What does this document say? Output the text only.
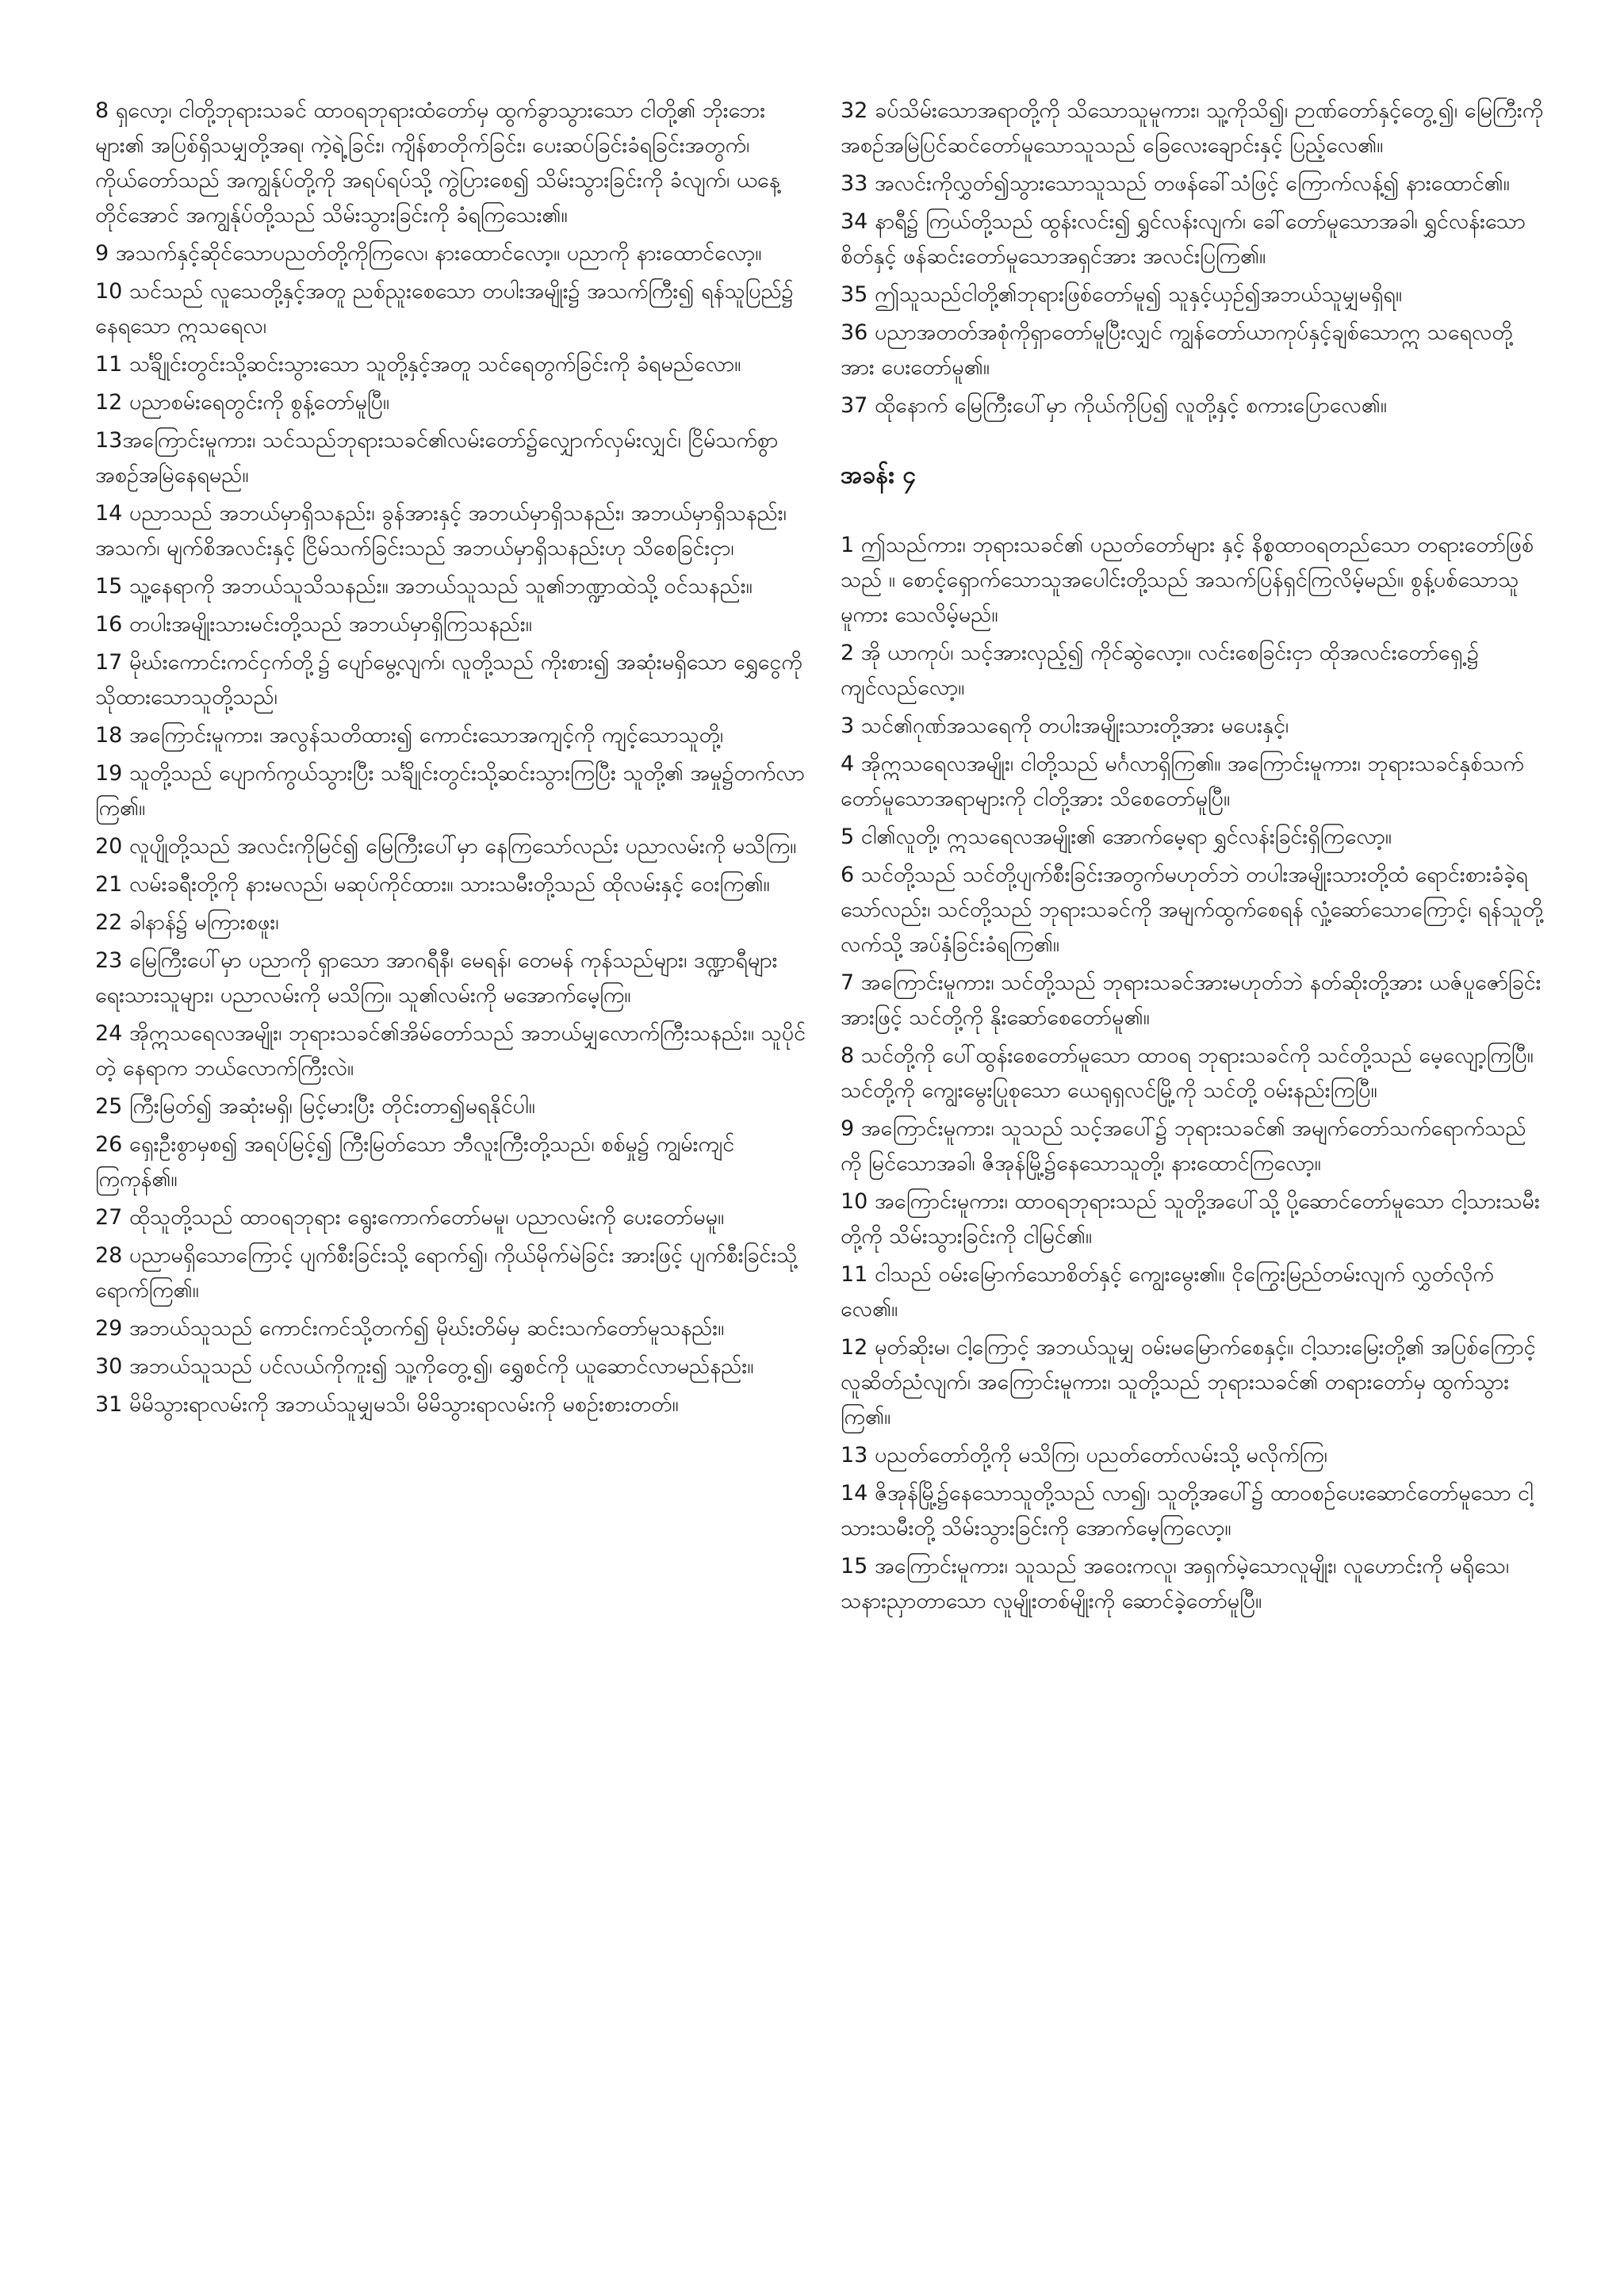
8 ရှလော့၊ ငါတို့ဘုရားသခင် ထာဝရဘုရားထံတော်မှ ထွက်ခွာသွားသော ငါတို့၏ ဘိုးဘေးများ၏ အပြစ်ရှိသမျှတို့အရ၊ ကဲ့ရဲ့ခြင်း၊ ကျိန်စာတိုက်ခြင်း၊ ပေးဆပ်ခြင်းခံရခြင်းအတွက်၊ ကိုယ်တော်သည် အကျွန်ုပ်တို့ကို အရပ်ရပ်သို့ ကွဲပြားစေ၍ သိမ်းသွားခြင်းကို ခံလျက်၊ ယနေ့တိုင်အောင် အကျွန်ုပ်တို့သည် သိမ်းသွားခြင်းကို ခံရကြသေး၏။

9 အသက်နှင့်ဆိုင်သောပညတ်တို့ကိုကြလေ၊ နားထောင်လော့။ ပညာကို နားထောင်လော့။

10 သင်သည် လူသေတို့နှင့်အတူ ညစ်ညူးစေသော တပါးအမျိုး၌ အသက်ကြီး၍ ရန်သူပြည်၌ နေရသော ဣသရေလ၊

11 သင်္ချိုင်းတွင်းသို့ဆင်းသွားသော သူတို့နှင့်အတူ သင်ရေတွက်ခြင်းကို ခံရမည်လော။

12 ပညာစမ်းရေတွင်းကို စွန့်တော်မူပြီ။

13အကြောင်းမူကား၊ သင်သည်ဘုရားသခင်၏လမ်းတော်၌လျှောက်လှမ်းလျှင်၊ ငြိမ်သက်စွာအစဉ်အမြဲနေရမည်။

14 ပညာသည် အဘယ်မှာရှိသနည်း၊ ခွန်အားနှင့် အဘယ်မှာရှိသနည်း၊ အဘယ်မှာရှိသနည်း၊ အသက်၊ မျက်စိအလင်းနှင့် ငြိမ်သက်ခြင်းသည် အဘယ်မှာရှိသနည်းဟု သိစေခြင်းငှာ၊

15 သူ့နေရာကို အဘယ်သူသိသနည်း။ အဘယ်သူသည် သူ၏ဘဏ္ဍာထဲသို့ ဝင်သနည်း။

16 တပါးအမျိုးသားမင်းတို့သည် အဘယ်မှာရှိကြသနည်း။

17 မိုဃ်းကောင်းကင်ငှက်တို့၌ ပျော်မွေ့လျက်၊ လူတို့သည် ကိုးစား၍ အဆုံးမရှိသော ရွှေငွေကို သိုထားသောသူတို့သည်၊

18 အကြောင်းမူကား၊ အလွန်သတိထား၍ ကောင်းသောအကျင့်ကို ကျင့်သောသူတို့၊

19 သူတို့သည် ပျောက်ကွယ်သွားပြီး သင်္ချိုင်းတွင်းသို့ဆင်းသွားကြပြီး သူတို့၏ အမှု၌တက်လာကြ၏။

20 လူပျိုတို့သည် အလင်းကိုမြင်၍ မြေကြီးပေါ်မှာ နေကြသော်လည်း ပညာလမ်းကို မသိကြ။

21 လမ်းခရီးတို့ကို နားမလည်၊ မဆုပ်ကိုင်ထား။ သားသမီးတို့သည် ထိုလမ်းနှင့် ဝေးကြ၏။

22 ခါနာန်၌ မကြားစဖူး၊

23 မြေကြီးပေါ်မှာ ပညာကို ရှာသော အာဂရီနီ၊ မေရန်၊ တေမန် ကုန်သည်များ၊ ဒဏ္ဍာရီများ ရေးသားသူများ၊ ပညာလမ်းကို မသိကြ။ သူ၏လမ်းကို မအောက်မေ့ကြ။

24 အိုဣသရေလအမျိုး၊ ဘုရားသခင်၏အိမ်တော်သည် အဘယ်မျှလောက်ကြီးသနည်း။ သူပိုင်တဲ့ နေရာက ဘယ်လောက်ကြီးလဲ။

25 ကြီးမြတ်၍ အဆုံးမရှိ၊ မြင့်မားပြီး တိုင်းတာ၍မရနိုင်ပါ။

26 ရှေးဦးစွာမှစ၍ အရပ်မြင့်၍ ကြီးမြတ်သော ဘီလူးကြီးတို့သည်၊ စစ်မှု၌ ကျွမ်းကျင်ကြကုန်၏။

27 ထိုသူတို့သည် ထာဝရဘုရား ရွေးကောက်တော်မမူ၊ ပညာလမ်းကို ပေးတော်မမူ။

28 ပညာမရှိသောကြောင့် ပျက်စီးခြင်းသို့ ရောက်၍၊ ကိုယ်မိုက်မဲခြင်း အားဖြင့် ပျက်စီးခြင်းသို့ ရောက်ကြ၏။

29 အဘယ်သူသည် ကောင်းကင်သို့တက်၍ မိုဃ်းတိမ်မှ ဆင်းသက်တော်မူသနည်း။

30 အဘယ်သူသည် ပင်လယ်ကိုကူး၍ သူ့ကိုတွေ့၍၊ ရွှေစင်ကို ယူဆောင်လာမည်နည်း။

31 မိမိသွားရာလမ်းကို အဘယ်သူမျှမသိ၊ မိမိသွားရာလမ်းကို မစဉ်းစားတတ်။

32 ခပ်သိမ်းသောအရာတို့ကို သိသောသူမူကား၊ သူ့ကိုသိ၍၊ ဉာဏ်တော်နှင့်တွေ့၍၊ မြေကြီးကို အစဉ်အမြဲပြင်ဆင်တော်မူသောသူသည် ခြေလေးချောင်းနှင့် ပြည့်လေ၏။

33 အလင်းကိုလွှတ်၍သွားသောသူသည် တဖန်ခေါ်သံဖြင့် ကြောက်လန့်၍ နားထောင်၏။

34 နာရီ၌ ကြယ်တို့သည် ထွန်းလင်း၍ ရွှင်လန်းလျက်၊ ခေါ်တော်မူသောအခါ၊ ရွှင်လန်းသောစိတ်နှင့် ဖန်ဆင်းတော်မူသောအရှင်အား အလင်းပြကြ၏။

35 ဤသူသည်ငါတို့၏ဘုရားဖြစ်တော်မူ၍ သူနှင့်ယှဉ်၍အဘယ်သူမျှမရှိရ။

36 ပညာအတတ်အစုံကိုရှာတော်မူပြီးလျှင် ကျွန်တော်ယာကုပ်နှင့်ချစ်သောဣ သရေလတို့အား ပေးတော်မူ၏။

37 ထိုနောက် မြေကြီးပေါ်မှာ ကိုယ်ကိုပြ၍ လူတို့နှင့် စကားပြောလေ၏။

အခန်း ၄

1 ဤသည်ကား၊ ဘုရားသခင်၏ ပညတ်တော်များ နှင့် နိစ္စထာဝရတည်သော တရားတော်ဖြစ်သည် ။ စောင့်ရှောက်သောသူအပေါင်းတို့သည် အသက်ပြန်ရှင်ကြလိမ့်မည်။ စွန့်ပစ်သောသူမူကား သေလိမ့်မည်။

2 အို ယာကုပ်၊ သင့်အားလှည့်၍ ကိုင်ဆွဲလော့။ လင်းစေခြင်းငှာ ထိုအလင်းတော်ရှေ့၌ ကျင်လည်လော့။

3 သင်၏ဂုဏ်အသရေကို တပါးအမျိုးသားတို့အား မပေးနှင့်၊

4 အိုဣသရေလအမျိုး၊ ငါတို့သည် မင်္ဂလာရှိကြ၏။ အကြောင်းမူကား၊ ဘုရားသခင်နှစ်သက်တော်မူသောအရာများကို ငါတို့အား သိစေတော်မူပြီ။

5 ငါ၏လူတို့၊ ဣသရေလအမျိုး၏ အောက်မေ့ရာ ရွှင်လန်းခြင်းရှိကြလော့။

6 သင်တို့သည် သင်တို့ပျက်စီးခြင်းအတွက်မဟုတ်ဘဲ တပါးအမျိုးသားတို့ထံ ရောင်းစားခံခဲ့ရသော်လည်း၊ သင်တို့သည် ဘုရားသခင်ကို အမျက်ထွက်စေရန် လှုံ့ဆော်သောကြောင့်၊ ရန်သူတို့လက်သို့ အပ်နှံခြင်းခံရကြ၏။

7 အကြောင်းမူကား၊ သင်တို့သည် ဘုရားသခင်အားမဟုတ်ဘဲ နတ်ဆိုးတို့အား ယဇ်ပူဇော်ခြင်းအားဖြင့် သင်တို့ကို နိုးဆော်စေတော်မူ၏။

8 သင်တို့ကို ပေါ်ထွန်းစေတော်မူသော ထာဝရ ဘုရားသခင်ကို သင်တို့သည် မေ့လျော့ကြပြီ။ သင်တို့ကို ကျွေးမွေးပြုစုသော ယေရုရှလင်မြို့ကို သင်တို့ ဝမ်းနည်းကြပြီ။

9 အကြောင်းမူကား၊ သူသည် သင့်အပေါ်၌ ဘုရားသခင်၏ အမျက်တော်သက်ရောက်သည်ကို မြင်သောအခါ၊ ဇိအုန်မြို့၌နေသောသူတို့၊ နားထောင်ကြလော့။

10 အကြောင်းမူကား၊ ထာဝရဘုရားသည် သူတို့အပေါ်သို့ ပို့ဆောင်တော်မူသော ငါ့သားသမီးတို့ကို သိမ်းသွားခြင်းကို ငါမြင်၏။

11 ငါသည် ဝမ်းမြောက်သောစိတ်နှင့် ကျွေးမွေး၏။ ငိုကြွေးမြည်တမ်းလျက် လွှတ်လိုက်လေ၏။

12 မုတ်ဆိုးမ၊ ငါ့ကြောင့် အဘယ်သူမျှ ဝမ်းမမြောက်စေနှင့်။ ငါ့သားမြေးတို့၏ အပြစ်ကြောင့် လူဆိတ်ညံလျက်၊ အကြောင်းမူကား၊ သူတို့သည် ဘုရားသခင်၏ တရားတော်မှ ထွက်သွားကြ၏။

13 ပညတ်တော်တို့ကို မသိကြ၊ ပညတ်တော်လမ်းသို့ မလိုက်ကြ၊

14 ဇိအုန်မြို့၌နေသောသူတို့သည် လာ၍၊ သူတို့အပေါ်၌ ထာဝစဉ်ပေးဆောင်တော်မူသော ငါ့သားသမီးတို့ သိမ်းသွားခြင်းကို အောက်မေ့ကြလော့။

15 အကြောင်းမူကား၊ သူသည် အဝေးကလူ၊ အရှက်မဲ့သောလူမျိုး၊ လူဟောင်းကို မရိုသေ၊ သနားညှာတာသော လူမျိုးတစ်မျိုးကို ဆောင်ခဲ့တော်မူပြီ။
